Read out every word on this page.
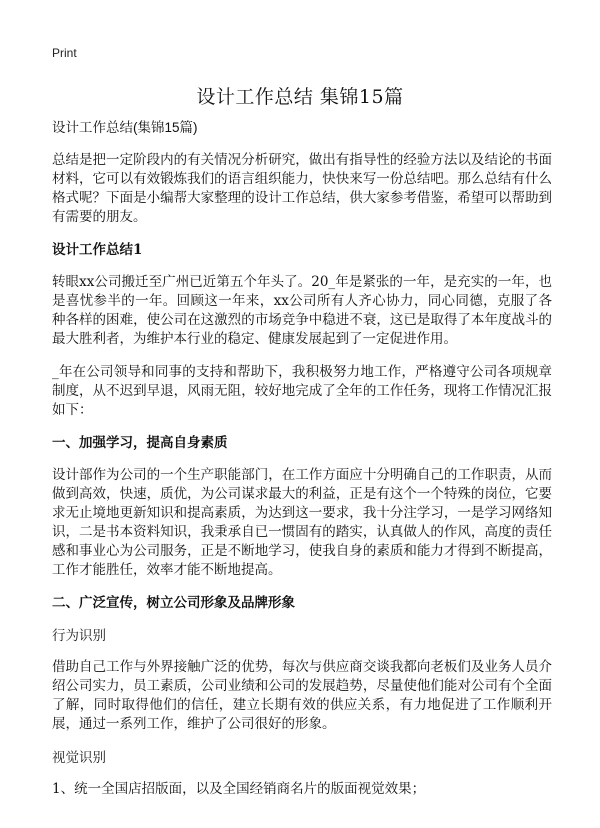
Print
设计工作总结 集锦15篇
设计工作总结(集锦15篇)

总结是把一定阶段内的有关情况分析研究，做出有指导性的经验方法以及结论的书面材料，它可以有效锻炼我们的语言组织能力，快快来写一份总结吧。那么总结有什么格式呢？下面是小编帮大家整理的设计工作总结，供大家参考借鉴，希望可以帮助到有需要的朋友。

设计工作总结1

转眼xx公司搬迁至广州已近第五个年头了。20_年是紧张的一年，是充实的一年，也是喜忧参半的一年。回顾这一年来，xx公司所有人齐心协力，同心同德，克服了各种各样的困难，使公司在这激烈的市场竞争中稳进不衰，这已是取得了本年度战斗的最大胜利者，为维护本行业的稳定、健康发展起到了一定促进作用。

_年在公司领导和同事的支持和帮助下，我积极努力地工作，严格遵守公司各项规章制度，从不迟到早退，风雨无阻，较好地完成了全年的工作任务，现将工作情况汇报如下：

一、加强学习，提高自身素质

设计部作为公司的一个生产职能部门，在工作方面应十分明确自己的工作职责，从而做到高效，快速，质优，为公司谋求最大的利益，正是有这个一个特殊的岗位，它要求无止境地更新知识和提高素质，为达到这一要求，我十分注学习，一是学习网络知识，二是书本资料知识，我秉承自已一惯固有的踏实，认真做人的作风，高度的责任感和事业心为公司服务，正是不断地学习，使我自身的素质和能力才得到不断提高，工作才能胜任，效率才能不断地提高。

二、广泛宣传，树立公司形象及品牌形象
行为识别

借助自己工作与外界接触广泛的优势，每次与供应商交谈我都向老板们及业务人员介绍公司实力，员工素质，公司业绩和公司的发展趋势，尽量使他们能对公司有个全面了解，同时取得他们的信任，建立长期有效的供应关系，有力地促进了工作顺利开展，通过一系列工作，维护了公司很好的形象。

视觉识别

1、统一全国店招版面，以及全国经销商名片的版面视觉效果；
